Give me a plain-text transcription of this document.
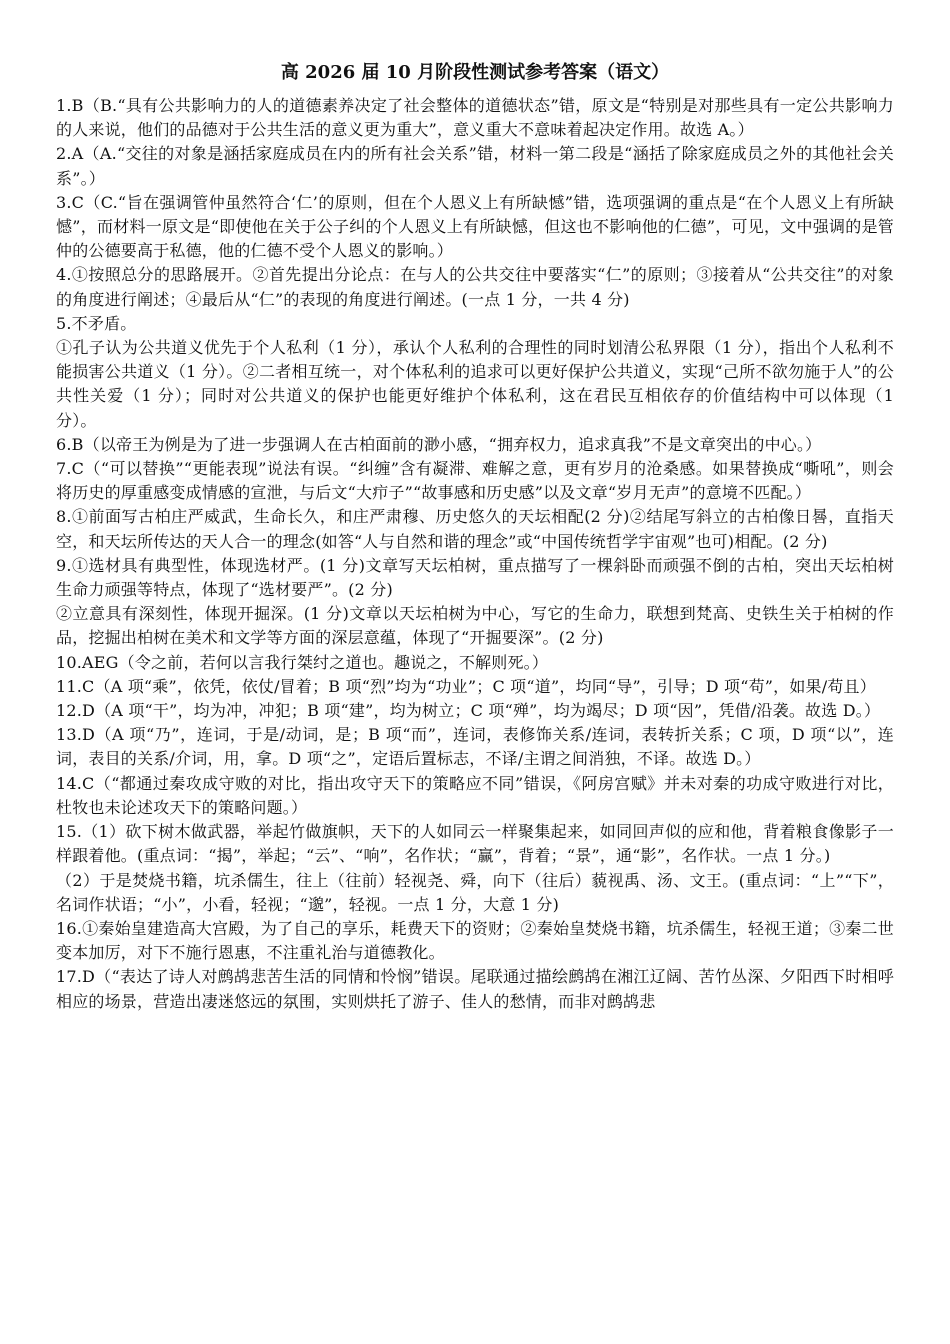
高 2026 届 10 月阶段性测试参考答案（语文）

1.B（B.“具有公共影响力的人的道德素养决定了社会整体的道德状态”错，原文是“特别是对那些具有一定公共影响力的人来说，他们的品德对于公共生活的意义更为重大”，意义重大不意味着起决定作用。故选 A。）

2.A（A.“交往的对象是涵括家庭成员在内的所有社会关系”错，材料一第二段是“涵括了除家庭成员之外的其他社会关系”。）

3.C（C.“旨在强调管仲虽然符合‘仁’的原则，但在个人恩义上有所缺憾”错，选项强调的重点是“在个人恩义上有所缺憾”，而材料一原文是“即使他在关于公子纠的个人恩义上有所缺憾，但这也不影响他的仁德”，可见，文中强调的是管仲的公德要高于私德，他的仁德不受个人恩义的影响。）

4.①按照总分的思路展开。②首先提出分论点：在与人的公共交往中要落实“仁”的原则；③接着从“公共交往”的对象的角度进行阐述；④最后从“仁”的表现的角度进行阐述。(一点 1 分，一共 4 分)

5.不矛盾。

①孔子认为公共道义优先于个人私利（1 分），承认个人私利的合理性的同时划清公私界限（1 分），指出个人私利不能损害公共道义（1 分）。②二者相互统一，对个体私利的追求可以更好保护公共道义，实现“己所不欲勿施于人”的公共性关爱（1 分）；同时对公共道义的保护也能更好维护个体私利，这在君民互相依存的价值结构中可以体现（1 分）。

6.B（以帝王为例是为了进一步强调人在古柏面前的渺小感，“拥弃权力，追求真我”不是文章突出的中心。）

7.C（“可以替换”“更能表现”说法有误。“纠缠”含有凝滞、难解之意，更有岁月的沧桑感。如果替换成“嘶吼”，则会将历史的厚重感变成情感的宣泄，与后文“大疖子”“故事感和历史感”以及文章“岁月无声”的意境不匹配。）

8.①前面写古柏庄严威武，生命长久，和庄严肃穆、历史悠久的天坛相配(2 分)②结尾写斜立的古柏像日晷，直指天空，和天坛所传达的天人合一的理念(如答“人与自然和谐的理念”或“中国传统哲学宇宙观”也可)相配。(2 分)

9.①选材具有典型性，体现选材严。(1 分)文章写天坛柏树，重点描写了一棵斜卧而顽强不倒的古柏，突出天坛柏树生命力顽强等特点，体现了“选材要严”。(2 分)

②立意具有深刻性，体现开掘深。(1 分)文章以天坛柏树为中心，写它的生命力，联想到梵高、史铁生关于柏树的作品，挖掘出柏树在美术和文学等方面的深层意蕴，体现了“开掘要深”。(2 分)

10.AEG（令之前，若何以言我行桀纣之道也。趣说之，不解则死。）

11.C（A 项“乘”，依凭，依仗/冒着；B 项“烈”均为“功业”；C 项“道”，均同“导”，引导；D 项“苟”，如果/苟且）

12.D（A 项“干”，均为冲，冲犯；B 项“建”，均为树立；C 项“殚”，均为竭尽；D 项“因”，凭借/沿袭。故选 D。）

13.D（A 项“乃”，连词，于是/动词，是；B 项“而”，连词，表修饰关系/连词，表转折关系；C 项，D 项“以”，连词，表目的关系/介词，用，拿。D 项“之”，定语后置标志，不译/主谓之间消独，不译。故选 D。）

14.C（“都通过秦攻成守败的对比，指出攻守天下的策略应不同”错误，《阿房宫赋》并未对秦的功成守败进行对比，杜牧也未论述攻天下的策略问题。）

15.（1）砍下树木做武器，举起竹做旗帜，天下的人如同云一样聚集起来，如同回声似的应和他，背着粮食像影子一样跟着他。(重点词：“揭”，举起；“云”、“响”，名作状；“赢”，背着；“景”，通“影”，名作状。一点 1 分。)

（2）于是焚烧书籍，坑杀儒生，往上（往前）轻视尧、舜，向下（往后）藐视禹、汤、文王。(重点词：“上”“下”，名词作状语；“小”，小看，轻视；“邈”，轻视。一点 1 分，大意 1 分)

16.①秦始皇建造高大宫殿，为了自己的享乐，耗费天下的资财；②秦始皇焚烧书籍，坑杀儒生，轻视王道；③秦二世变本加厉，对下不施行恩惠，不注重礼治与道德教化。

17.D（“表达了诗人对鹧鸪悲苦生活的同情和怜悯”错误。尾联通过描绘鹧鸪在湘江辽阔、苦竹丛深、夕阳西下时相呼相应的场景，营造出凄迷悠远的氛围，实则烘托了游子、佳人的愁情，而非对鹧鸪悲
